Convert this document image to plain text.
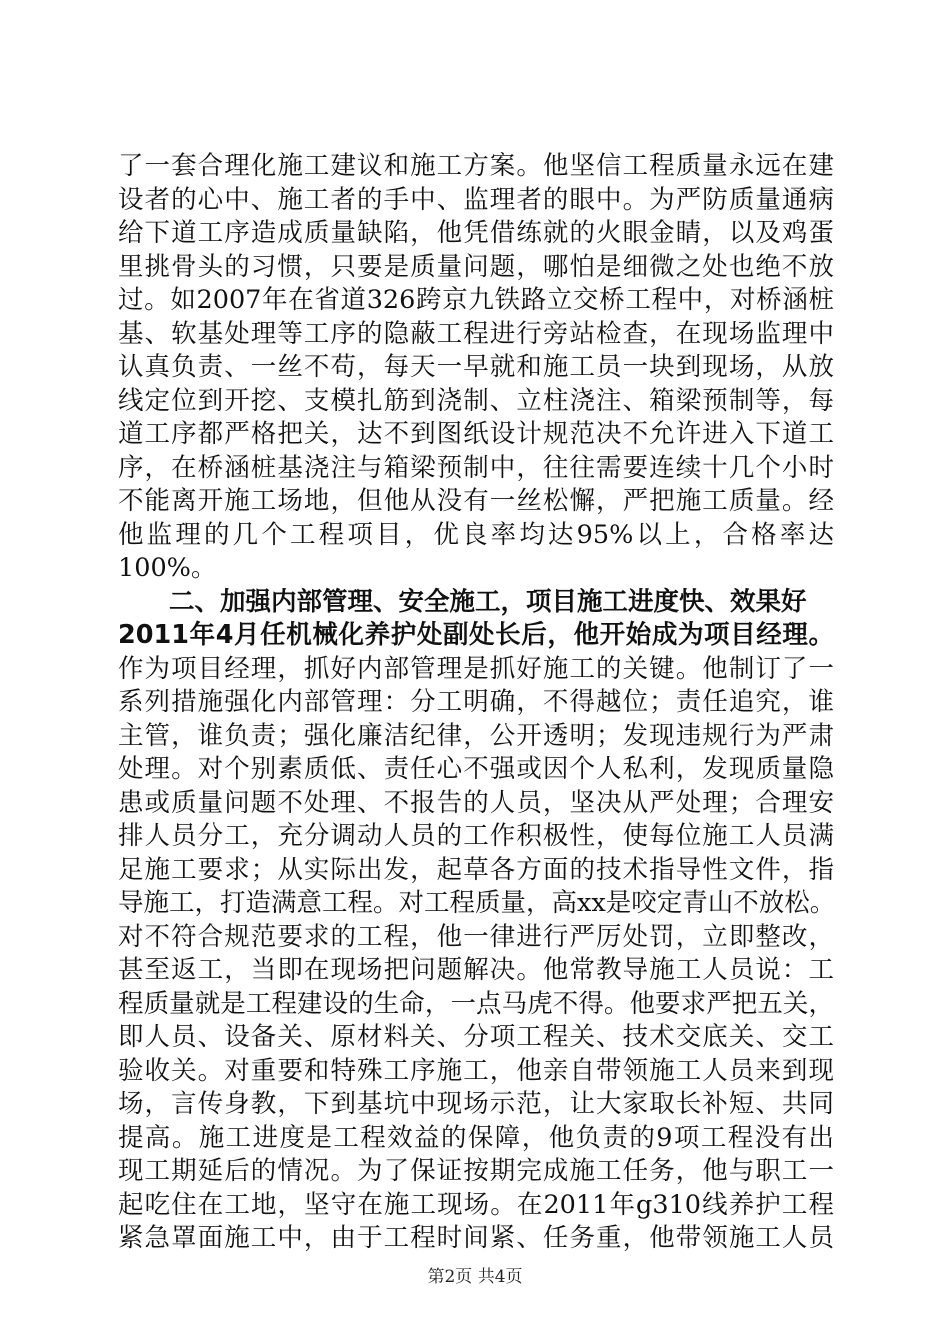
了一套合理化施工建议和施工方案。他坚信工程质量永远在建
设者的心中、施工者的手中、监理者的眼中。为严防质量通病
给下道工序造成质量缺陷，他凭借练就的火眼金睛，以及鸡蛋
里挑骨头的习惯，只要是质量问题，哪怕是细微之处也绝不放
过。如2007年在省道326跨京九铁路立交桥工程中，对桥涵桩
基、软基处理等工序的隐蔽工程进行旁站检查，在现场监理中
认真负责、一丝不苟，每天一早就和施工员一块到现场，从放
线定位到开挖、支模扎筋到浇制、立柱浇注、箱梁预制等，每
道工序都严格把关，达不到图纸设计规范决不允许进入下道工
序，在桥涵桩基浇注与箱梁预制中，往往需要连续十几个小时
不能离开施工场地，但他从没有一丝松懈，严把施工质量。经
他监理的几个工程项目，优良率均达95%以上，合格率达
100%。
二、加强内部管理、安全施工，项目施工进度快、效果好
2011年4月任机械化养护处副处长后，他开始成为项目经理。
作为项目经理，抓好内部管理是抓好施工的关键。他制订了一
系列措施强化内部管理：分工明确，不得越位；责任追究，谁
主管，谁负责；强化廉洁纪律，公开透明；发现违规行为严肃
处理。对个别素质低、责任心不强或因个人私利，发现质量隐
患或质量问题不处理、不报告的人员，坚决从严处理；合理安
排人员分工，充分调动人员的工作积极性，使每位施工人员满
足施工要求；从实际出发，起草各方面的技术指导性文件，指
导施工，打造满意工程。对工程质量，高xx是咬定青山不放松。
对不符合规范要求的工程，他一律进行严厉处罚，立即整改，
甚至返工，当即在现场把问题解决。他常教导施工人员说：工
程质量就是工程建设的生命，一点马虎不得。他要求严把五关，
即人员、设备关、原材料关、分项工程关、技术交底关、交工
验收关。对重要和特殊工序施工，他亲自带领施工人员来到现
场，言传身教，下到基坑中现场示范，让大家取长补短、共同
提高。施工进度是工程效益的保障，他负责的9项工程没有出
现工期延后的情况。为了保证按期完成施工任务，他与职工一
起吃住在工地，坚守在施工现场。在2011年g310线养护工程
紧急罩面施工中，由于工程时间紧、任务重，他带领施工人员
第2页 共4页
